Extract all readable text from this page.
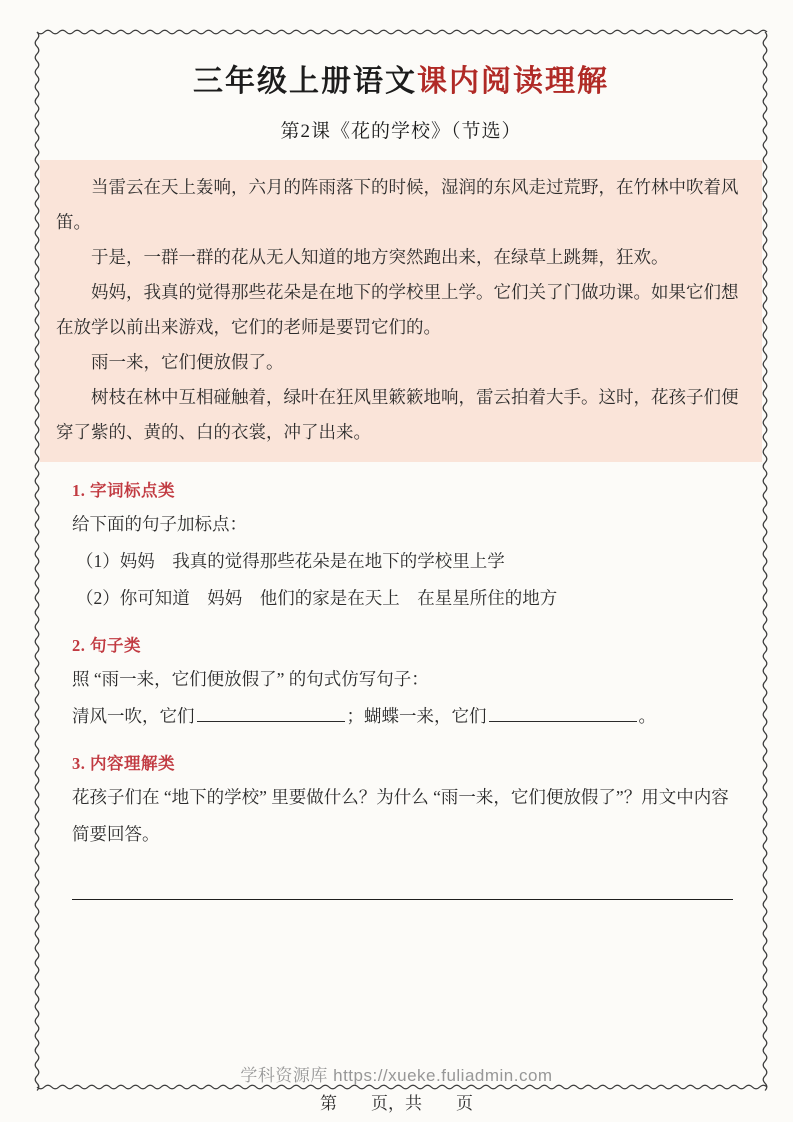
三年级上册语文课内阅读理解
第2课《花的学校》（节选）

当雷云在天上轰响，六月的阵雨落下的时候，湿润的东风走过荒野，在竹林中吹着风笛。

于是，一群一群的花从无人知道的地方突然跑出来，在绿草上跳舞，狂欢。

妈妈，我真的觉得那些花朵是在地下的学校里上学。它们关了门做功课。如果它们想在放学以前出来游戏，它们的老师是要罚它们的。

雨一来，它们便放假了。

树枝在林中互相碰触着，绿叶在狂风里簌簌地响，雷云拍着大手。这时，花孩子们便穿了紫的、黄的、白的衣裳，冲了出来。

1. 字词标点类

给下面的句子加标点：

（1）妈妈　我真的觉得那些花朵是在地下的学校里上学

（2）你可知道　妈妈　他们的家是在天上　在星星所住的地方

2. 句子类

照 “雨一来，它们便放假了” 的句式仿写句子：

清风一吹，它们	；蝴蝶一来，它们	。

3. 内容理解类

花孩子们在 “地下的学校” 里要做什么？为什么 “雨一来，它们便放假了”？用文中内容简要回答。

学科资源库 https://xueke.fuliadmin.com
第　　页，共　　页
